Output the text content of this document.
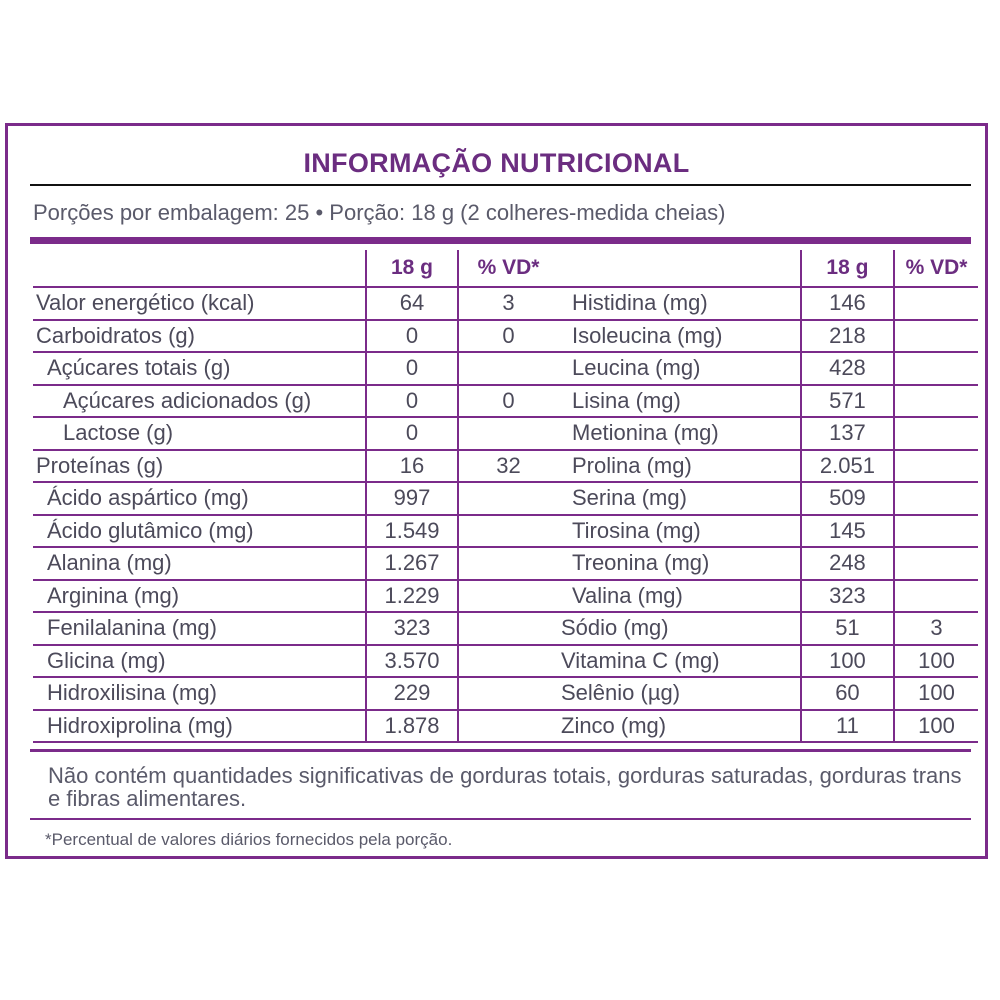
INFORMAÇÃO NUTRICIONAL
Porções por embalagem: 25 • Porção: 18 g (2 colheres-medida cheias)
	18 g	% VD*
Valor energético (kcal)	64	3
Carboidratos (g)	0	0
Açúcares totais (g)	0	
Açúcares adicionados (g)	0	0
Lactose (g)	0	
Proteínas (g)	16	32
Ácido aspártico (mg)	997	
Ácido glutâmico (mg)	1.549	
Alanina (mg)	1.267	
Arginina (mg)	1.229	
Fenilalanina (mg)	323	
Glicina (mg)	3.570	
Hidroxilisina (mg)	229	
Hidroxiprolina (mg)	1.878	
	18 g	% VD*
Histidina (mg)	146	
Isoleucina (mg)	218	
Leucina (mg)	428	
Lisina (mg)	571	
Metionina (mg)	137	
Prolina (mg)	2.051	
Serina (mg)	509	
Tirosina (mg)	145	
Treonina (mg)	248	
Valina (mg)	323	
Sódio (mg)	51	3
Vitamina C (mg)	100	100
Selênio (µg)	60	100
Zinco (mg)	11	100
Não contém quantidades significativas de gorduras totais, gorduras saturadas, gorduras trans e fibras alimentares.
*Percentual de valores diários fornecidos pela porção.
